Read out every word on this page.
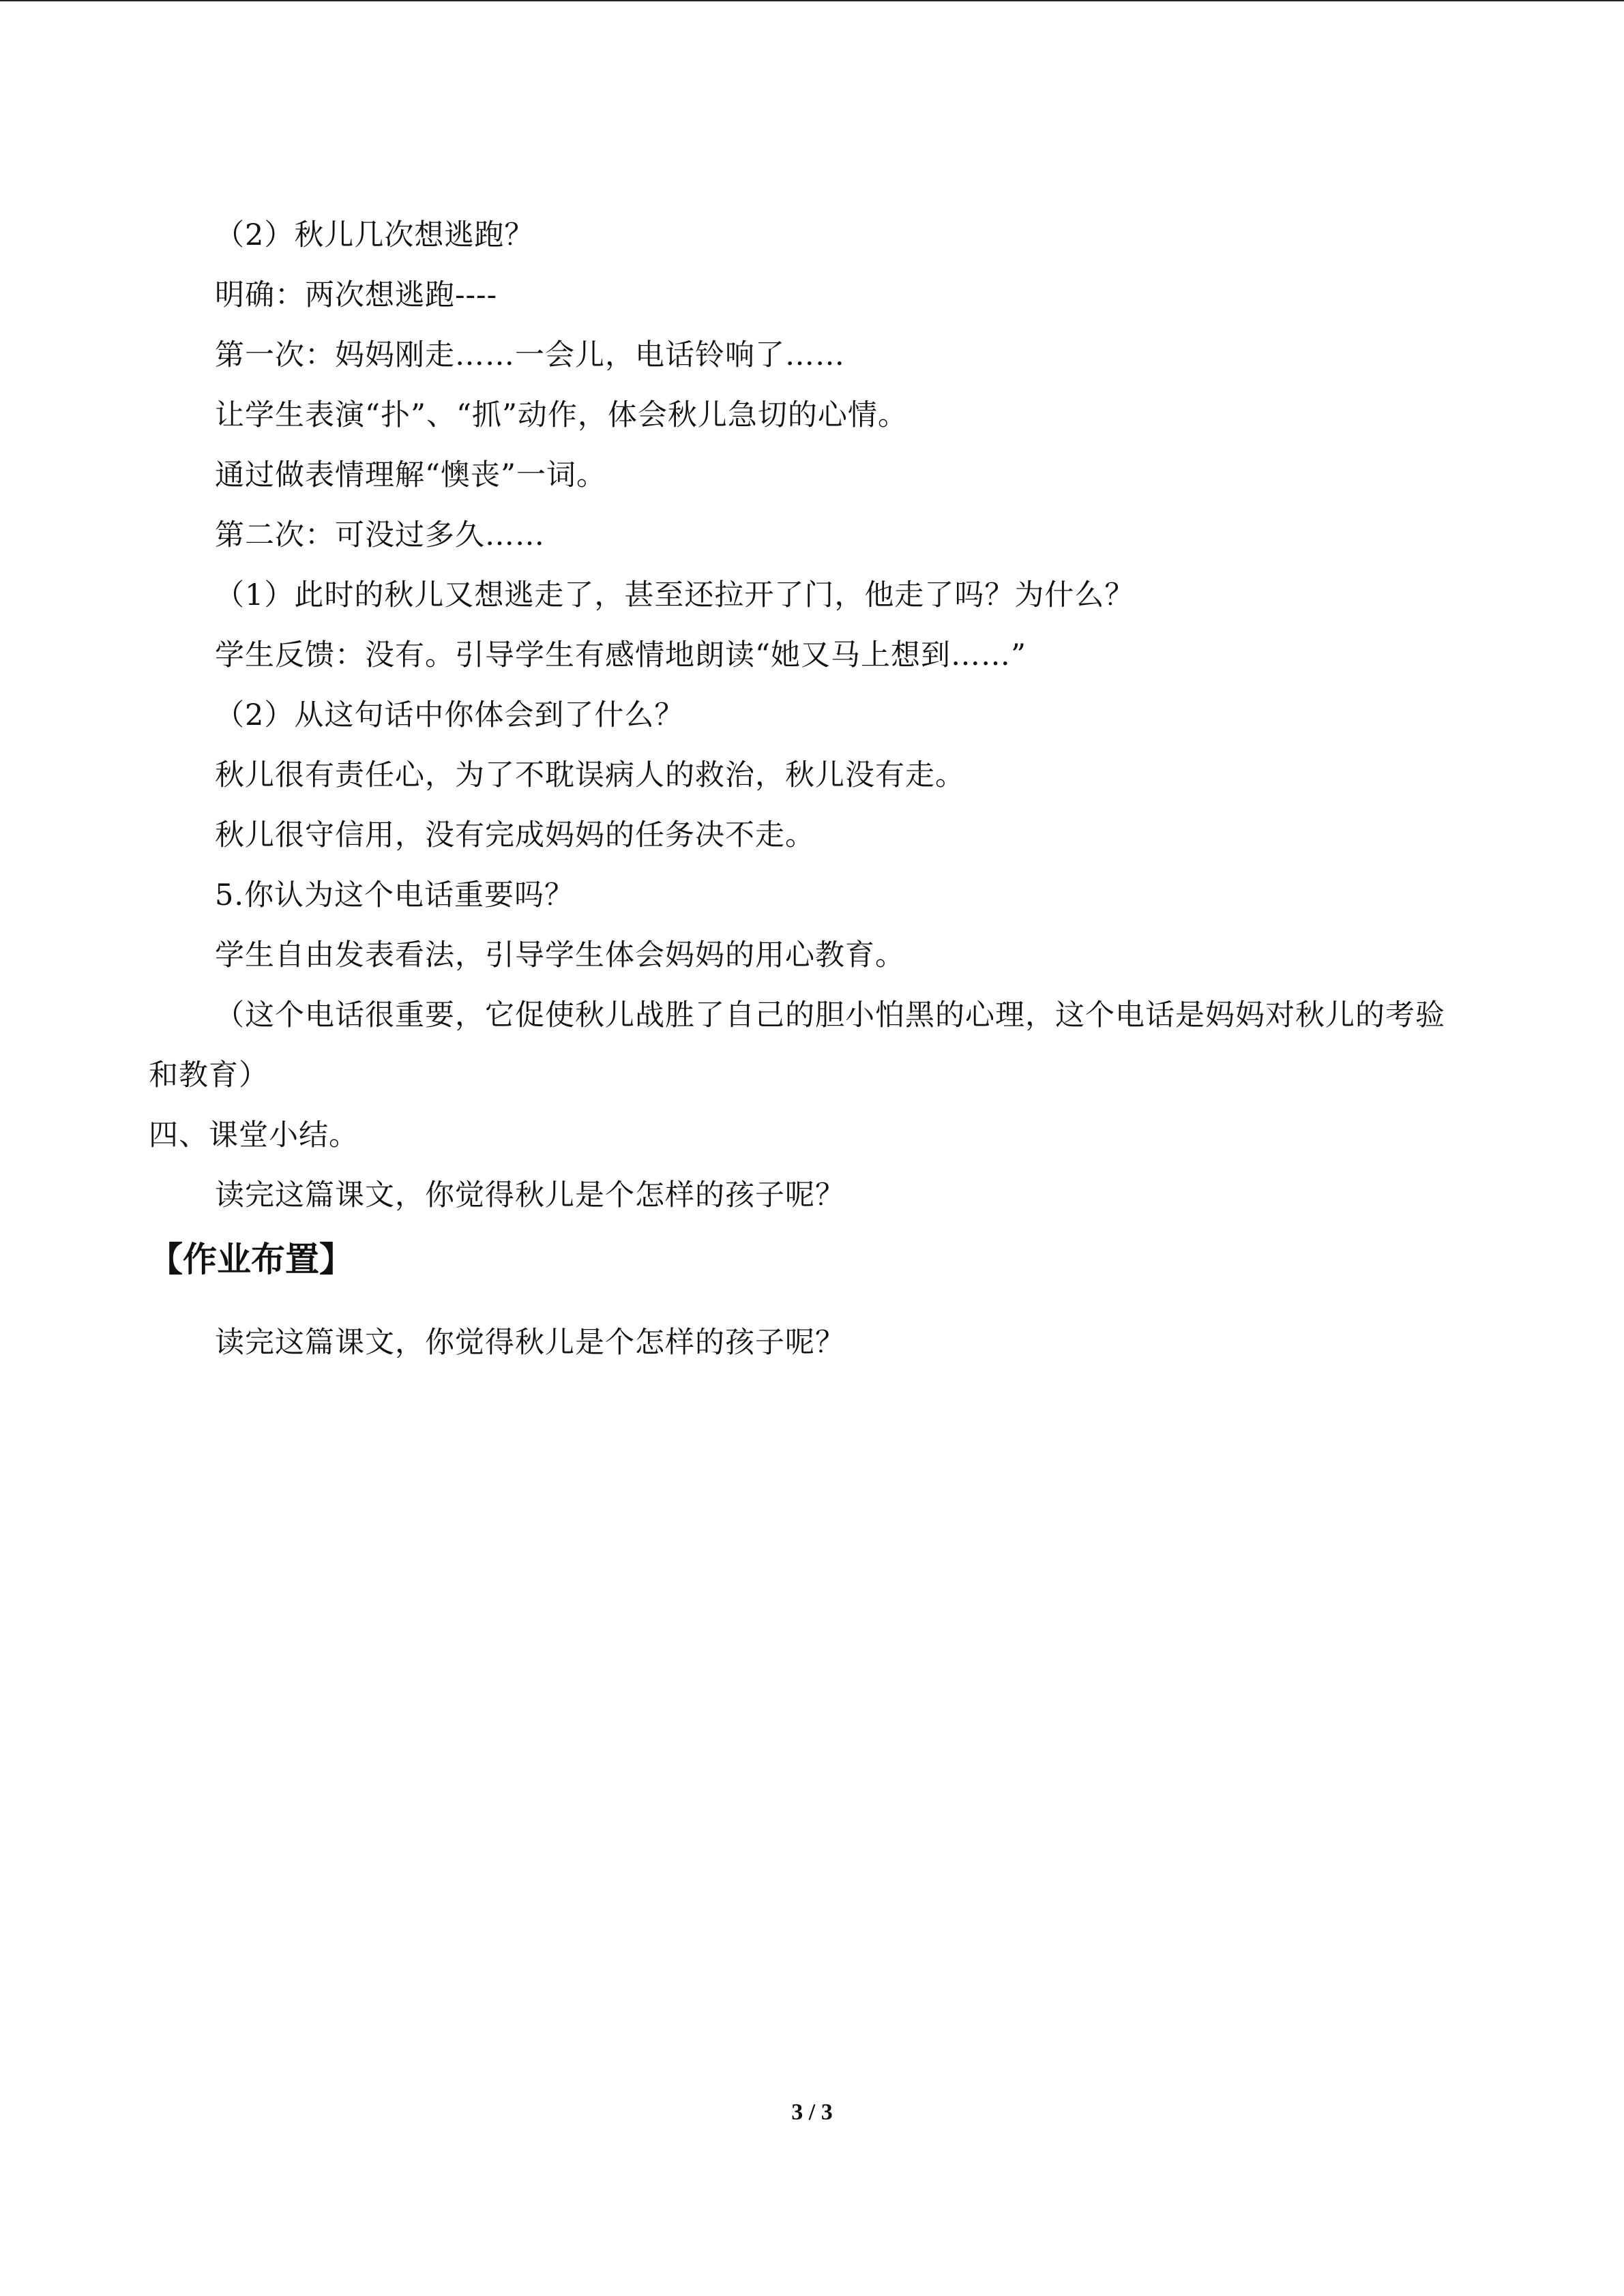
（2）秋儿几次想逃跑？
明确：两次想逃跑----
第一次：妈妈刚走……一会儿，电话铃响了……
让学生表演“扑”、“抓”动作，体会秋儿急切的心情。
通过做表情理解“懊丧”一词。
第二次：可没过多久……
（1）此时的秋儿又想逃走了，甚至还拉开了门，他走了吗？为什么？
学生反馈：没有。引导学生有感情地朗读“她又马上想到……”
（2）从这句话中你体会到了什么？
秋儿很有责任心，为了不耽误病人的救治，秋儿没有走。
秋儿很守信用，没有完成妈妈的任务决不走。
5.你认为这个电话重要吗？
学生自由发表看法，引导学生体会妈妈的用心教育。
（这个电话很重要，它促使秋儿战胜了自己的胆小怕黑的心理，这个电话是妈妈对秋儿的考验和教育）
四、课堂小结。
读完这篇课文，你觉得秋儿是个怎样的孩子呢？
【作业布置】
读完这篇课文，你觉得秋儿是个怎样的孩子呢？
3 / 3
